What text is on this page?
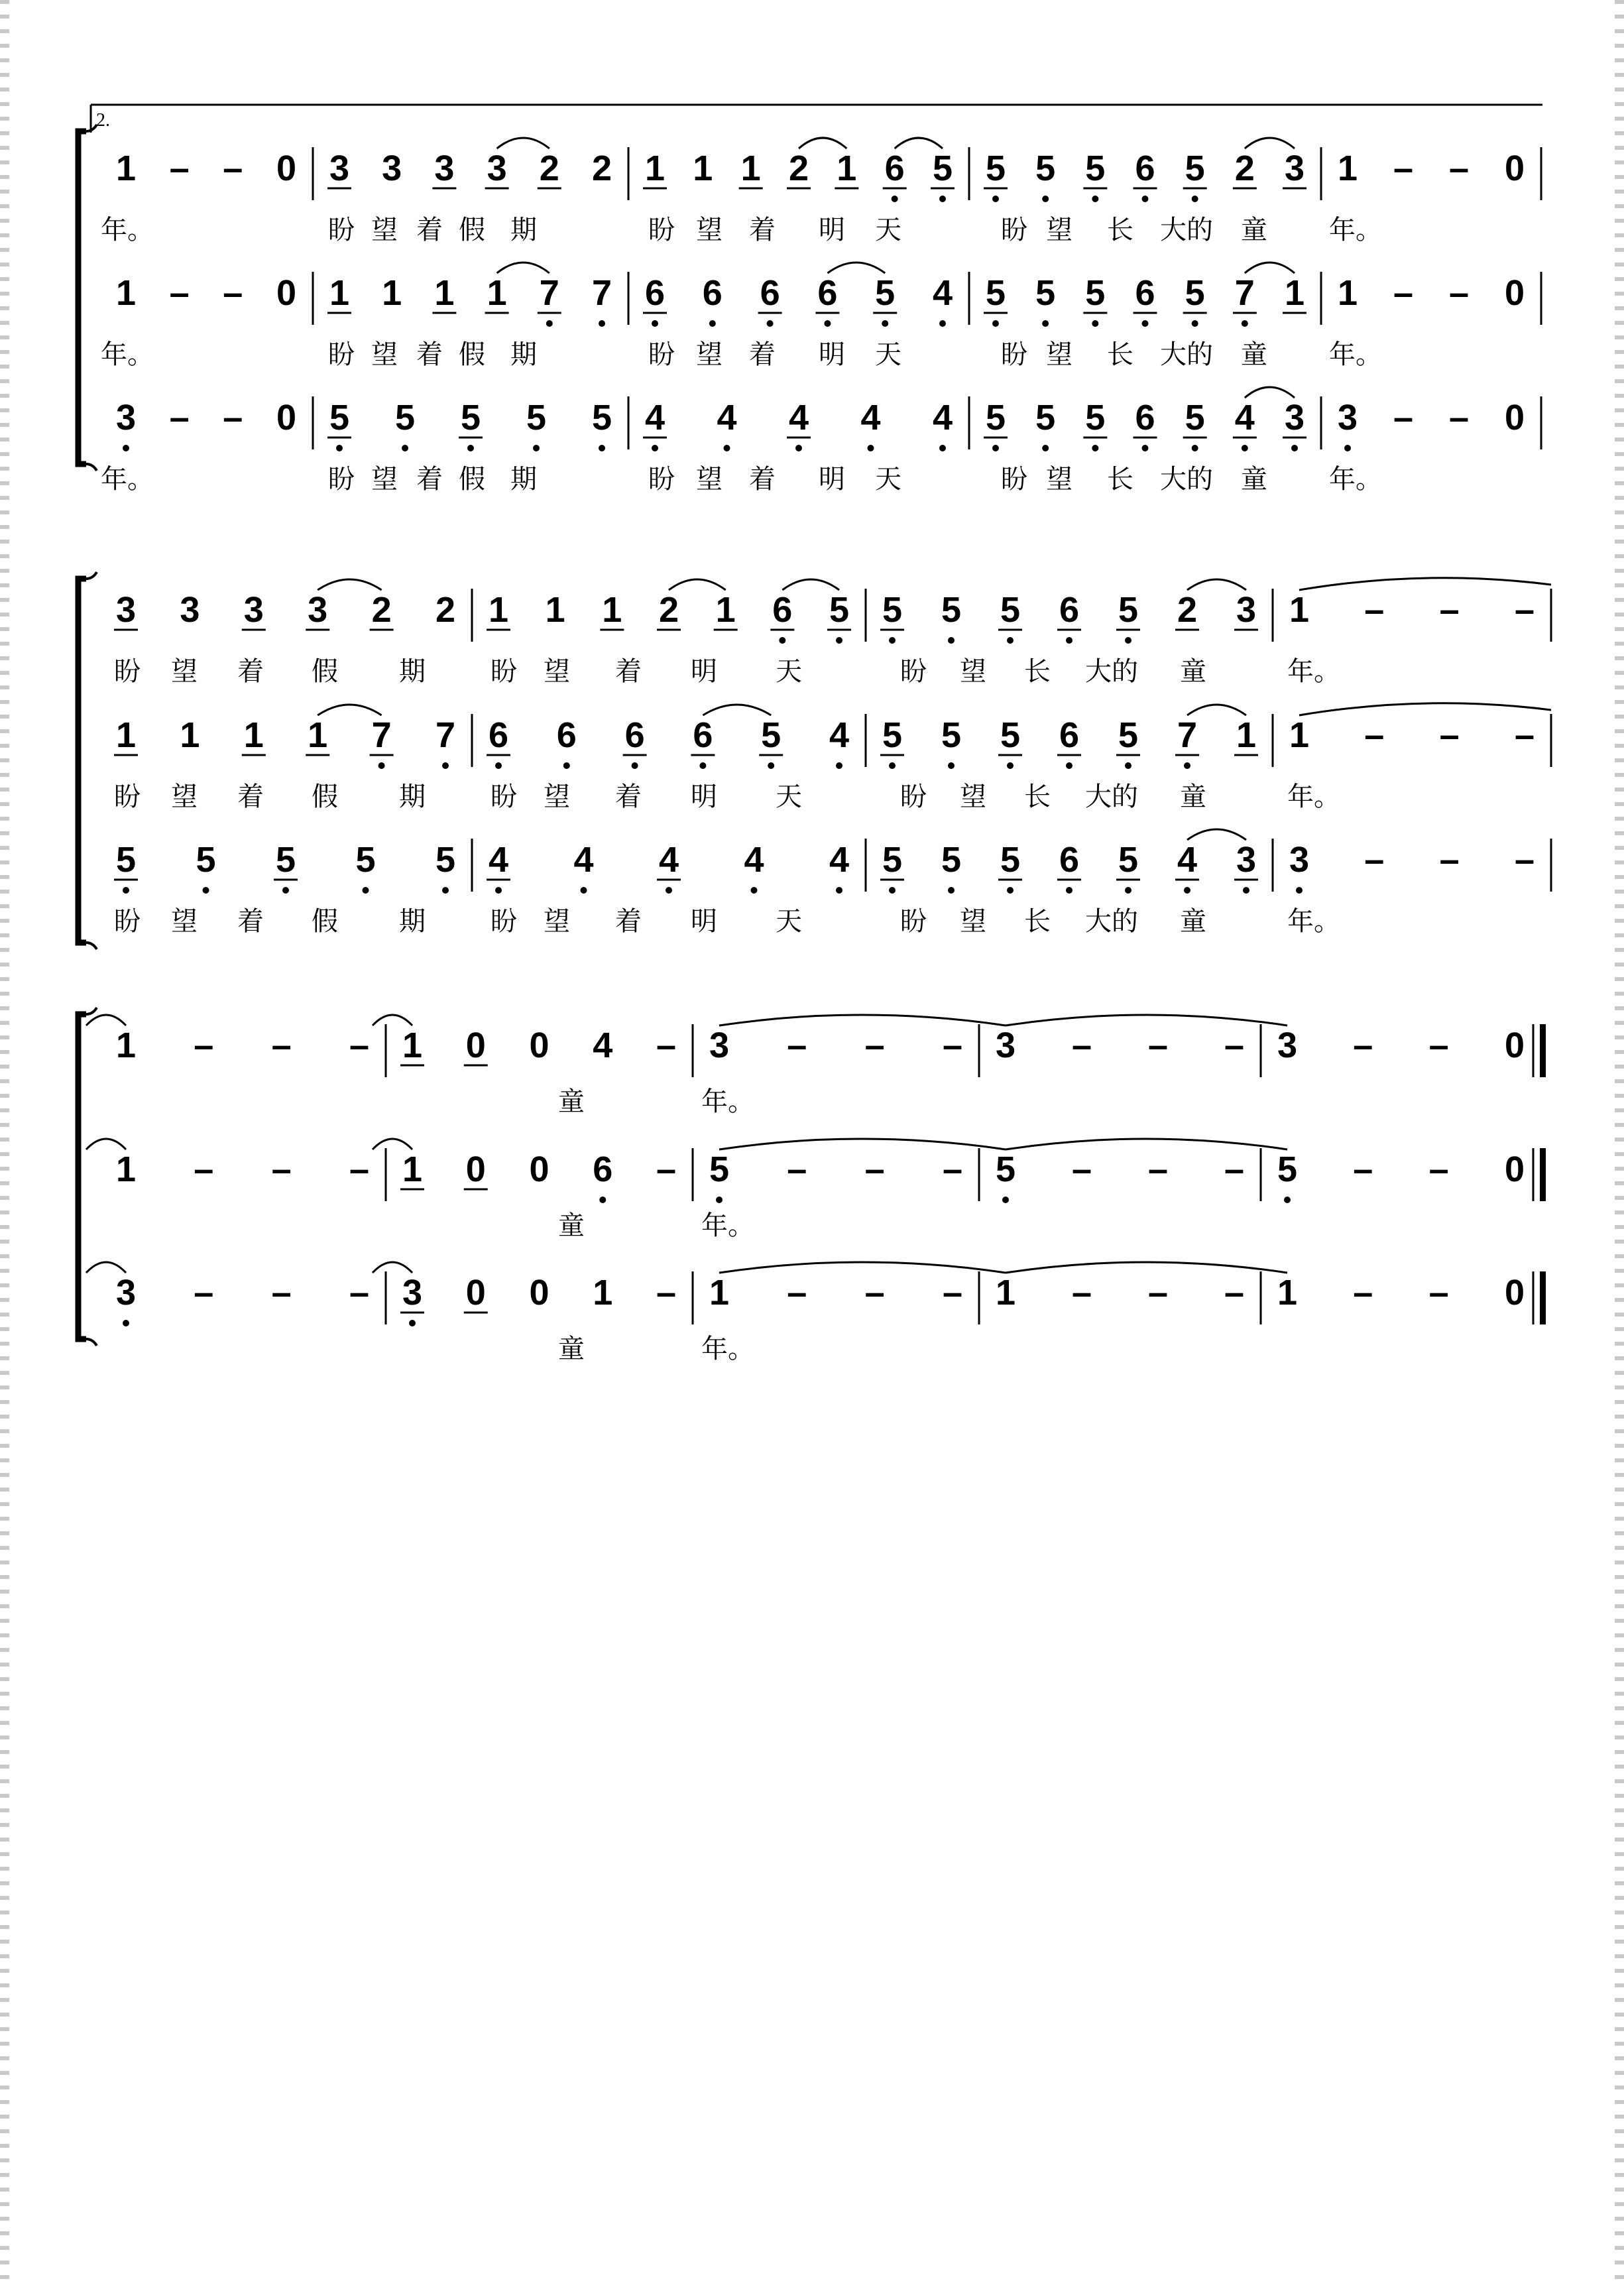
2.
1 – – 0 3 3 3 3 2 2 1 1 1 2 1 6 5 5 5 5 6 5 2 3 1 – – 0
年。	盼 望 着 假 期	盼 望 着 明 天	盼 望 长 大的 童 年。
1 – – 0 1 1 1 1 7 7 6 6 6 6 5 4 5 5 5 6 5 7 1 1 – – 0
年。	盼 望 着 假 期	盼 望 着 明 天	盼 望 长 大的 童 年。
3 – – 0 5 5 5 5 5 4 4 4 4 4 5 5 5 6 5 4 3 3 – – 0
年。	盼 望 着 假 期	盼 望 着 明 天	盼 望 长 大的 童 年。
3 3 3 3 2 2 1 1 1 2 1 6 5 5 5 5 6 5 2 3 1 – – –
盼 望 着 假 期 盼 望 着 明 天	盼 望 长 大的 童	年。
1 1 1 1 7 7 6 6 6 6 5 4 5 5 5 6 5 7 1 1 – – –
盼 望 着 假 期 盼 望 着 明 天	盼 望 长 大的 童	年。
5 5 5 5 5 4 4 4 4 4 5 5 5 6 5 4 3 3 – – –
盼 望 着 假 期 盼 望 着 明 天	盼 望 长 大的 童	年。
1 – – – 1 0 0 4 – 3 – – – 3 – – – 3 – – 0
童	年。
1 – – – 1 0 0 6 – 5 – – – 5 – – – 5 – – 0
童	年。
3 – – – 3 0 0 1 – 1 – – – 1 – – – 1 – – 0
童	年。
